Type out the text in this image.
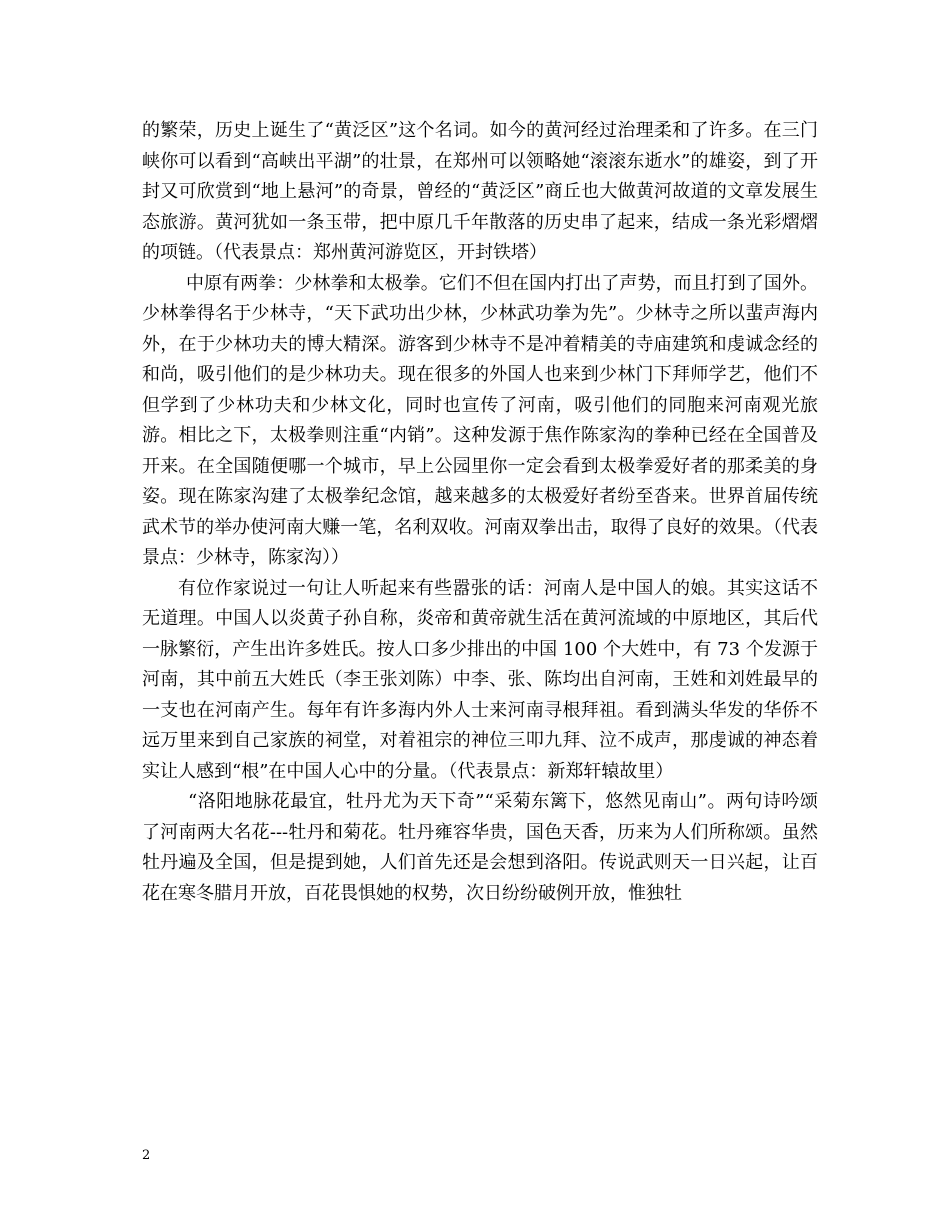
的繁荣，历史上诞生了“黄泛区”这个名词。如今的黄河经过治理柔和了许多。在三门峡你可以看到“高峡出平湖”的壮景，在郑州可以领略她“滚滚东逝水”的雄姿，到了开封又可欣赏到“地上悬河”的奇景，曾经的“黄泛区”商丘也大做黄河故道的文章发展生态旅游。黄河犹如一条玉带，把中原几千年散落的历史串了起来，结成一条光彩熠熠的项链。（代表景点：郑州黄河游览区，开封铁塔）

中原有两拳：少林拳和太极拳。它们不但在国内打出了声势，而且打到了国外。少林拳得名于少林寺，“天下武功出少林，少林武功拳为先”。少林寺之所以蜚声海内外，在于少林功夫的博大精深。游客到少林寺不是冲着精美的寺庙建筑和虔诚念经的和尚，吸引他们的是少林功夫。现在很多的外国人也来到少林门下拜师学艺，他们不但学到了少林功夫和少林文化，同时也宣传了河南，吸引他们的同胞来河南观光旅游。相比之下，太极拳则注重“内销”。这种发源于焦作陈家沟的拳种已经在全国普及开来。在全国随便哪一个城市，早上公园里你一定会看到太极拳爱好者的那柔美的身姿。现在陈家沟建了太极拳纪念馆，越来越多的太极爱好者纷至沓来。世界首届传统武术节的举办使河南大赚一笔，名利双收。河南双拳出击，取得了良好的效果。（代表景点：少林寺，陈家沟））

有位作家说过一句让人听起来有些嚣张的话：河南人是中国人的娘。其实这话不无道理。中国人以炎黄子孙自称，炎帝和黄帝就生活在黄河流域的中原地区，其后代一脉繁衍，产生出许多姓氏。按人口多少排出的中国 100 个大姓中，有 73 个发源于河南，其中前五大姓氏（李王张刘陈）中李、张、陈均出自河南，王姓和刘姓最早的一支也在河南产生。每年有许多海内外人士来河南寻根拜祖。看到满头华发的华侨不远万里来到自己家族的祠堂，对着祖宗的神位三叩九拜、泣不成声，那虔诚的神态着实让人感到“根”在中国人心中的分量。（代表景点：新郑轩辕故里）

“洛阳地脉花最宜，牡丹尤为天下奇”“采菊东篱下，悠然见南山”。两句诗吟颂了河南两大名花---牡丹和菊花。牡丹雍容华贵，国色天香，历来为人们所称颂。虽然牡丹遍及全国，但是提到她，人们首先还是会想到洛阳。传说武则天一日兴起，让百花在寒冬腊月开放，百花畏惧她的权势，次日纷纷破例开放，惟独牡

2
